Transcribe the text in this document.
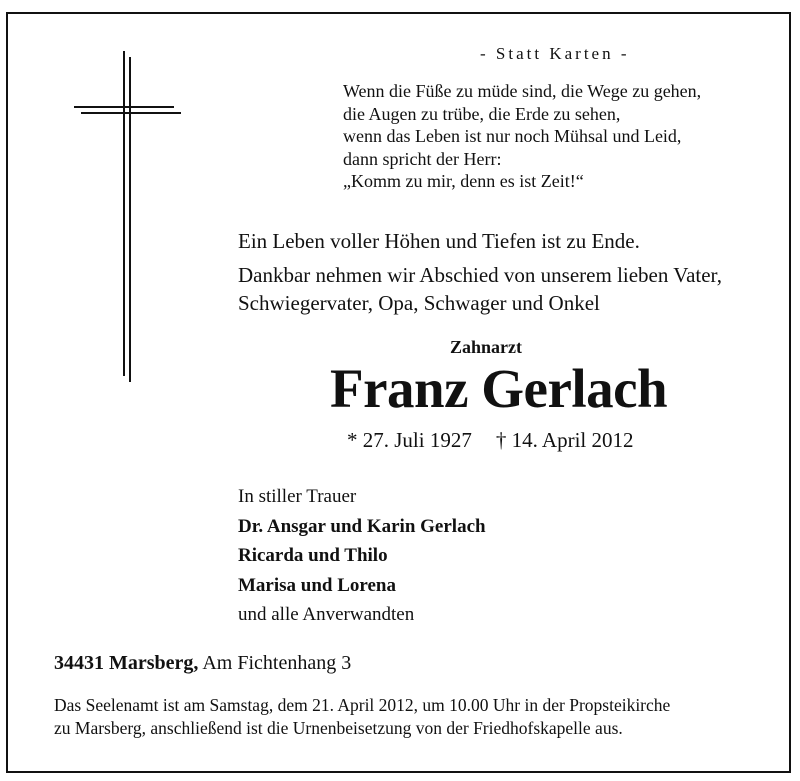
- Statt Karten -
Wenn die Füße zu müde sind, die Wege zu gehen,
die Augen zu trübe, die Erde zu sehen,
wenn das Leben ist nur noch Mühsal und Leid,
dann spricht der Herr:
„Komm zu mir, denn es ist Zeit!“
Ein Leben voller Höhen und Tiefen ist zu Ende.
Dankbar nehmen wir Abschied von unserem lieben Vater,
Schwiegervater, Opa, Schwager und Onkel
Zahnarzt
Franz Gerlach
* 27. Juli 1927 † 14. April 2012
In stiller Trauer
Dr. Ansgar und Karin Gerlach
Ricarda und Thilo
Marisa und Lorena
und alle Anverwandten
34431 Marsberg, Am Fichtenhang 3
Das Seelenamt ist am Samstag, dem 21. April 2012, um 10.00 Uhr in der Propsteikirche
zu Marsberg, anschließend ist die Urnenbeisetzung von der Friedhofskapelle aus.
